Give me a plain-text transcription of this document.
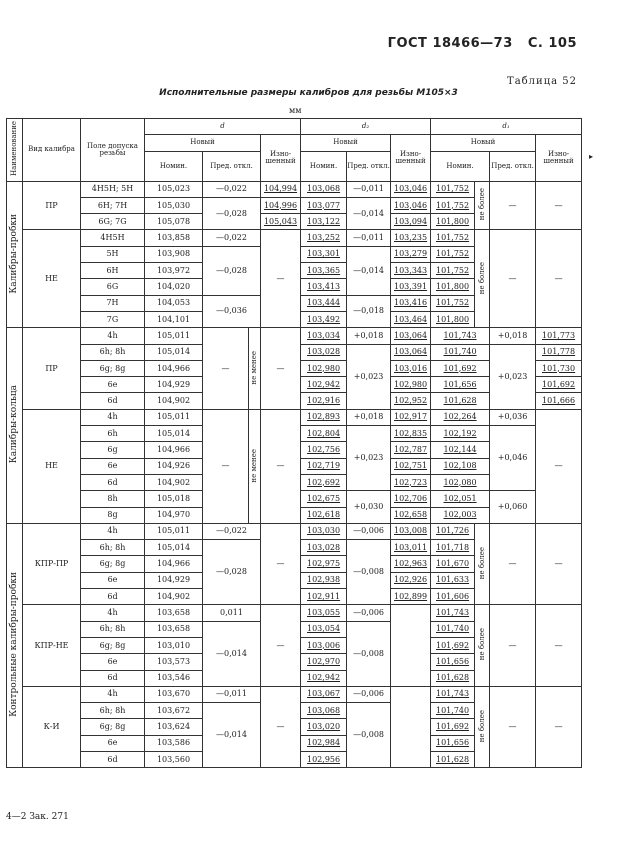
ГОСТ 18466—73 С. 105
Таблица 52
Исполнительные размеры калибров для резьбы М105×3
мм
▸
Наименование	Вид калибра	Поле допуска резьбы	d				d₂			d₁			
			Новый			Изно-шенный	Новый		Изно-шенный	Новый			Изно-шенный
			Номин.	Пред. откл.			Номин.	Пред. откл.		Номин.		Пред. откл.	
Калибры-пробки	ПР	4H5H; 5H	105,023	—0,022		104,994	103,068	—0,011	103,046	101,752	не более	—	—
		6H; 7H	105,030	—0,028		104,996	103,077	—0,014	103,046	101,752			
		6G; 7G	105,078			105,043	103,122		103,094	101,800			
	НЕ	4H5H	103,858	—0,022		—	103,252	—0,011	103,235	101,752	не более	—	—
		5H	103,908	—0,028			103,301	—0,014	103,279	101,752			
		6H	103,972				103,365		103,343	101,752			
		6G	104,020				103,413		103,391	101,800			
		7H	104,053	—0,036			103,444	—0,018	103,416	101,752			
		7G	104,101				103,492		103,464	101,800			
Калибры-кольца	ПР	4h	105,011	—	не менее	—	103,034	+0,018	103,064	101,743		+0,018	101,773
		6h; 8h	105,014				103,028	+0,023	103,064	101,740		+0,023	101,778
		6g; 8g	104,966				102,980		103,016	101,692			101,730
		6e	104,929				102,942		102,980	101,656			101,692
		6d	104,902				102,916		102,952	101,628			101,666
	НЕ	4h	105,011	—	не менее	—	102,893	+0,018	102,917	102,264		+0,036	—
		6h	105,014				102,804	+0,023	102,835	102,192		+0,046	
		6g	104,966				102,756		102,787	102,144			
		6e	104,926				102,719		102,751	102,108			
		6d	104,902				102,692		102,723	102,080			
		8h	105,018				102,675	+0,030	102,706	102,051		+0,060	
		8g	104,970				102,618		102,658	102,003			
Контрольные калибры-пробки	КПР-ПР	4h	105,011	—0,022		—	103,030	—0,006	103,008	101,726	не более	—	—
		6h; 8h	105,014	—0,028			103,028	—0,008	103,011	101,718			
		6g; 8g	104,966				102,975		102,963	101,670			
		6e	104,929				102,938		102,926	101,633			
		6d	104,902				102,911		102,899	101,606			
	КПР-НЕ	4h	103,658	0,011		—	103,055	—0,006		101,743	не более	—	—
		6h; 8h	103,658	—0,014			103,054	—0,008		101,740			
		6g; 8g	103,010				103,006			101,692			
		6e	103,573				102,970			101,656			
		6d	103,546				102,942			101,628			
	К-И	4h	103,670	—0,011		—	103,067	—0,006		101,743	не более	—	—
		6h; 8h	103,672	—0,014			103,068	—0,008		101,740			
		6g; 8g	103,624				103,020			101,692			
		6e	103,586				102,984			101,656			
		6d	103,560				102,956			101,628			
4—2 Зак. 271
